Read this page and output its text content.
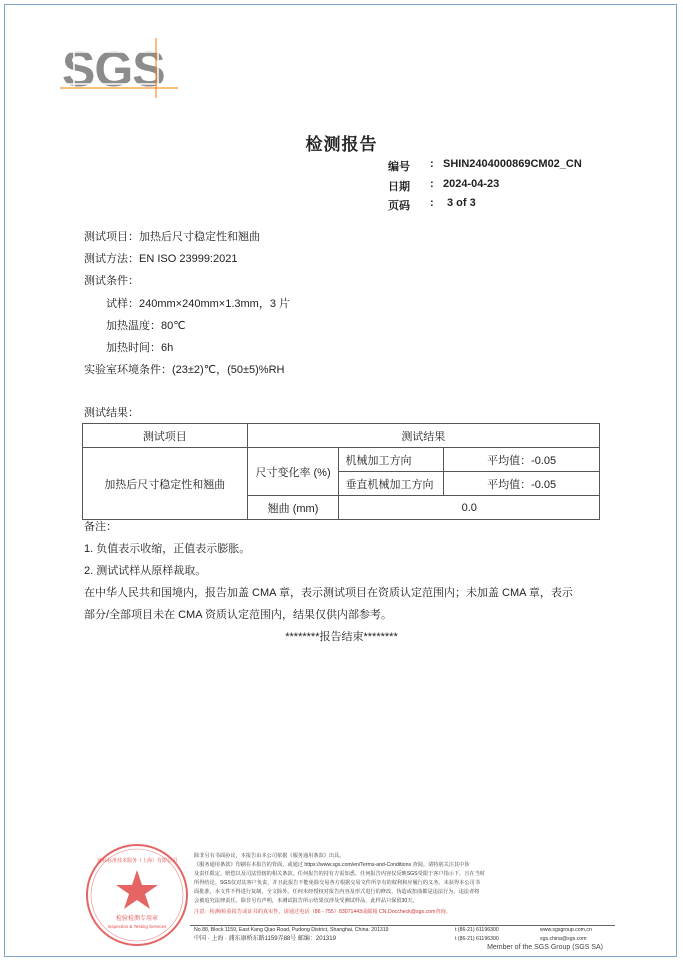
SGS
检测报告
编号	: SHIN2404000869CM02_CN
日期	: 2024-04-23
页码	:	3 of 3
测试项目：加热后尺寸稳定性和翘曲
测试方法：EN ISO 23999:2021
测试条件：
试样：240mm×240mm×1.3mm，3 片
加热温度：80℃
加热时间：6h
实验室环境条件：(23±2)℃，(50±5)%RH
测试结果：
测试项目	测试结果		
加热后尺寸稳定性和翘曲	尺寸变化率 (%)	机械加工方向	平均值：-0.05
		垂直机械加工方向	平均值：-0.05
	翘曲 (mm)	0.0	
备注：
1. 负值表示收缩，正值表示膨胀。
2. 测试试样从原样裁取。
在中华人民共和国境内，报告加盖 CMA 章，表示测试项目在资质认定范围内；未加盖 CMA 章，表示
部分/全部项目未在 CMA 资质认定范围内，结果仅供内部参考。
********报告结束********
检验检测专用章
Inspection & Testing Services
通标标准技术服务（上海）有限公司
除非另有书面协议，本报告由本公司依据《服务通用条款》出具。
《服务通用条款》印刷在本报告的背面，或通过 https://www.sgs.com/en/Terms-and-Conditions 查阅。请特别关注其中涉
及责任限定、赔偿以及司法管辖的相关条款。任何报告的持有方需知悉，任何报告内容仅反映SGS受限于客户指示下，且在当时
所得结论。SGS仅对其客户负责，并且此报告不能免除交易各方根据交易文件所享有的权利和应履行的义务。未获得本公司书
面批准，本文件不得进行复制，全文除外。任何未经授权对报告内容及形式进行的修改、伪造或扭曲都是违法行为，违法者将
会被追究法律责任。除非另有声明，本测试报告所示结果仅涉及受测试样品，此样品只保留30天。
注意：检测/检验报告或证书的真实性，请通过电话（86 - 755）83071443或邮箱 CN.Doccheck@sgs.com查询。
No.88, Block 1159, East Kang Qiao Road, Pudong District, Shanghai, China. 201319
中国 · 上海 · 浦东康桥东路1159弄88号 邮编：201319
t (86-21) 61196300
t (86-21) 61196300
www.sgsgroup.com.cn
sgs.china@sgs.com
Member of the SGS Group (SGS SA)
